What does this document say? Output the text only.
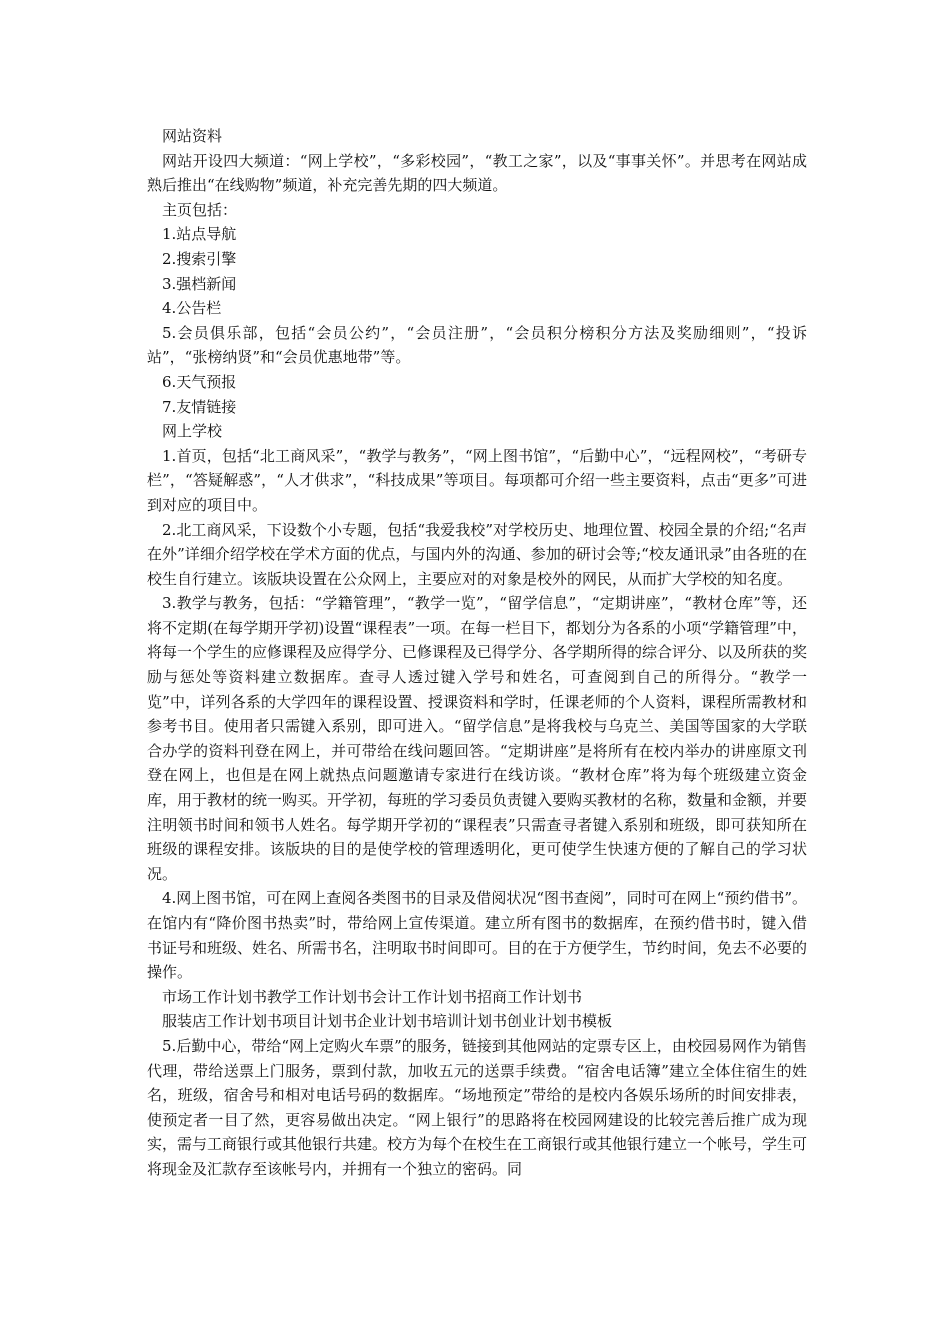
网站资料

网站开设四大频道：“网上学校”，“多彩校园”，“教工之家”，以及“事事关怀”。并思考在网站成熟后推出“在线购物”频道，补充完善先期的四大频道。

主页包括：

1.站点导航

2.搜索引擎

3.强档新闻

4.公告栏

5.会员俱乐部，包括“会员公约”，“会员注册”，“会员积分榜积分方法及奖励细则”，“投诉站”，“张榜纳贤”和“会员优惠地带”等。

6.天气预报

7.友情链接

网上学校

1.首页，包括“北工商风采”，“教学与教务”，“网上图书馆”，“后勤中心”，“远程网校”，“考研专栏”，“答疑解惑”，“人才供求”，“科技成果”等项目。每项都可介绍一些主要资料，点击“更多”可进到对应的项目中。

2.北工商风采，下设数个小专题，包括“我爱我校”对学校历史、地理位置、校园全景的介绍;“名声在外”详细介绍学校在学术方面的优点，与国内外的沟通、参加的研讨会等;“校友通讯录”由各班的在校生自行建立。该版块设置在公众网上，主要应对的对象是校外的网民，从而扩大学校的知名度。

3.教学与教务，包括：“学籍管理”，“教学一览”，“留学信息”，“定期讲座”，“教材仓库”等，还将不定期(在每学期开学初)设置“课程表”一项。在每一栏目下，都划分为各系的小项“学籍管理”中，将每一个学生的应修课程及应得学分、已修课程及已得学分、各学期所得的综合评分、以及所获的奖励与惩处等资料建立数据库。查寻人透过键入学号和姓名，可查阅到自己的所得分。“教学一览”中，详列各系的大学四年的课程设置、授课资料和学时，任课老师的个人资料，课程所需教材和参考书目。使用者只需键入系别，即可进入。“留学信息”是将我校与乌克兰、美国等国家的大学联合办学的资料刊登在网上，并可带给在线问题回答。“定期讲座”是将所有在校内举办的讲座原文刊登在网上，也但是在网上就热点问题邀请专家进行在线访谈。“教材仓库”将为每个班级建立资金库，用于教材的统一购买。开学初，每班的学习委员负责键入要购买教材的名称，数量和金额，并要注明领书时间和领书人姓名。每学期开学初的“课程表”只需查寻者键入系别和班级，即可获知所在班级的课程安排。该版块的目的是使学校的管理透明化，更可使学生快速方便的了解自己的学习状况。

4.网上图书馆，可在网上查阅各类图书的目录及借阅状况“图书查阅”，同时可在网上“预约借书”。在馆内有“降价图书热卖”时，带给网上宣传渠道。建立所有图书的数据库，在预约借书时，键入借书证号和班级、姓名、所需书名，注明取书时间即可。目的在于方便学生，节约时间，免去不必要的操作。

市场工作计划书教学工作计划书会计工作计划书招商工作计划书

服装店工作计划书项目计划书企业计划书培训计划书创业计划书模板

5.后勤中心，带给“网上定购火车票”的服务，链接到其他网站的定票专区上，由校园易网作为销售代理，带给送票上门服务，票到付款，加收五元的送票手续费。“宿舍电话簿”建立全体住宿生的姓名，班级，宿舍号和相对电话号码的数据库。“场地预定”带给的是校内各娱乐场所的时间安排表，使预定者一目了然，更容易做出决定。“网上银行”的思路将在校园网建设的比较完善后推广成为现实，需与工商银行或其他银行共建。校方为每个在校生在工商银行或其他银行建立一个帐号，学生可将现金及汇款存至该帐号内，并拥有一个独立的密码。同
